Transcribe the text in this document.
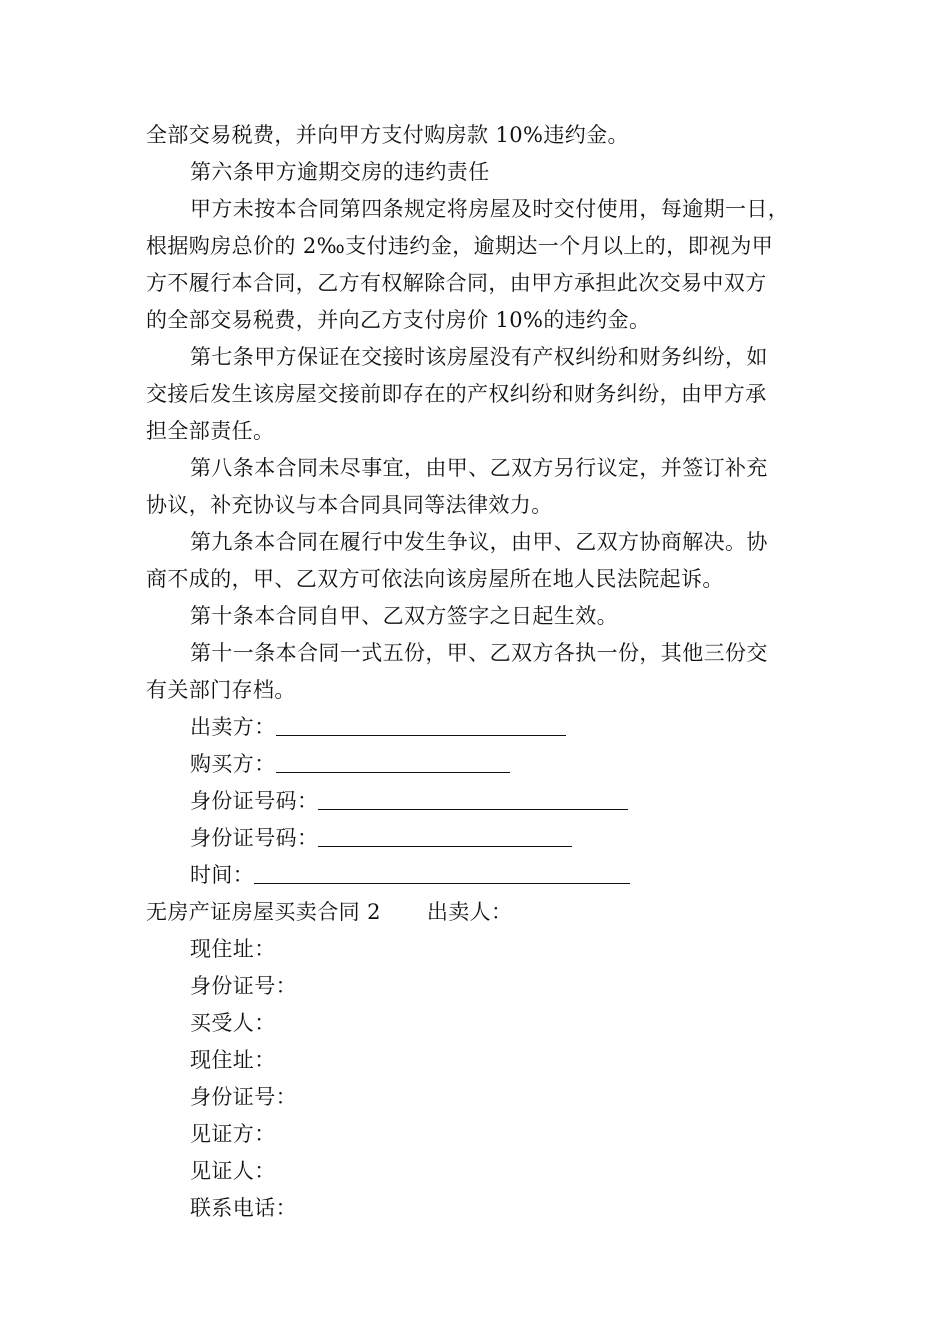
全部交易税费，并向甲方支付购房款 10%违约金。
第六条甲方逾期交房的违约责任
甲方未按本合同第四条规定将房屋及时交付使用，每逾期一日，
根据购房总价的 2‰支付违约金，逾期达一个月以上的，即视为甲
方不履行本合同，乙方有权解除合同，由甲方承担此次交易中双方
的全部交易税费，并向乙方支付房价 10%的违约金。
第七条甲方保证在交接时该房屋没有产权纠纷和财务纠纷，如
交接后发生该房屋交接前即存在的产权纠纷和财务纠纷，由甲方承
担全部责任。
第八条本合同未尽事宜，由甲、乙双方另行议定，并签订补充
协议，补充协议与本合同具同等法律效力。
第九条本合同在履行中发生争议，由甲、乙双方协商解决。协
商不成的，甲、乙双方可依法向该房屋所在地人民法院起诉。
第十条本合同自甲、乙双方签字之日起生效。
第十一条本合同一式五份，甲、乙双方各执一份，其他三份交
有关部门存档。
出卖方：
购买方：
身份证号码：
身份证号码：
时间：
无房产证房屋买卖合同 2 出卖人：
现住址：
身份证号：
买受人：
现住址：
身份证号：
见证方：
见证人：
联系电话：
